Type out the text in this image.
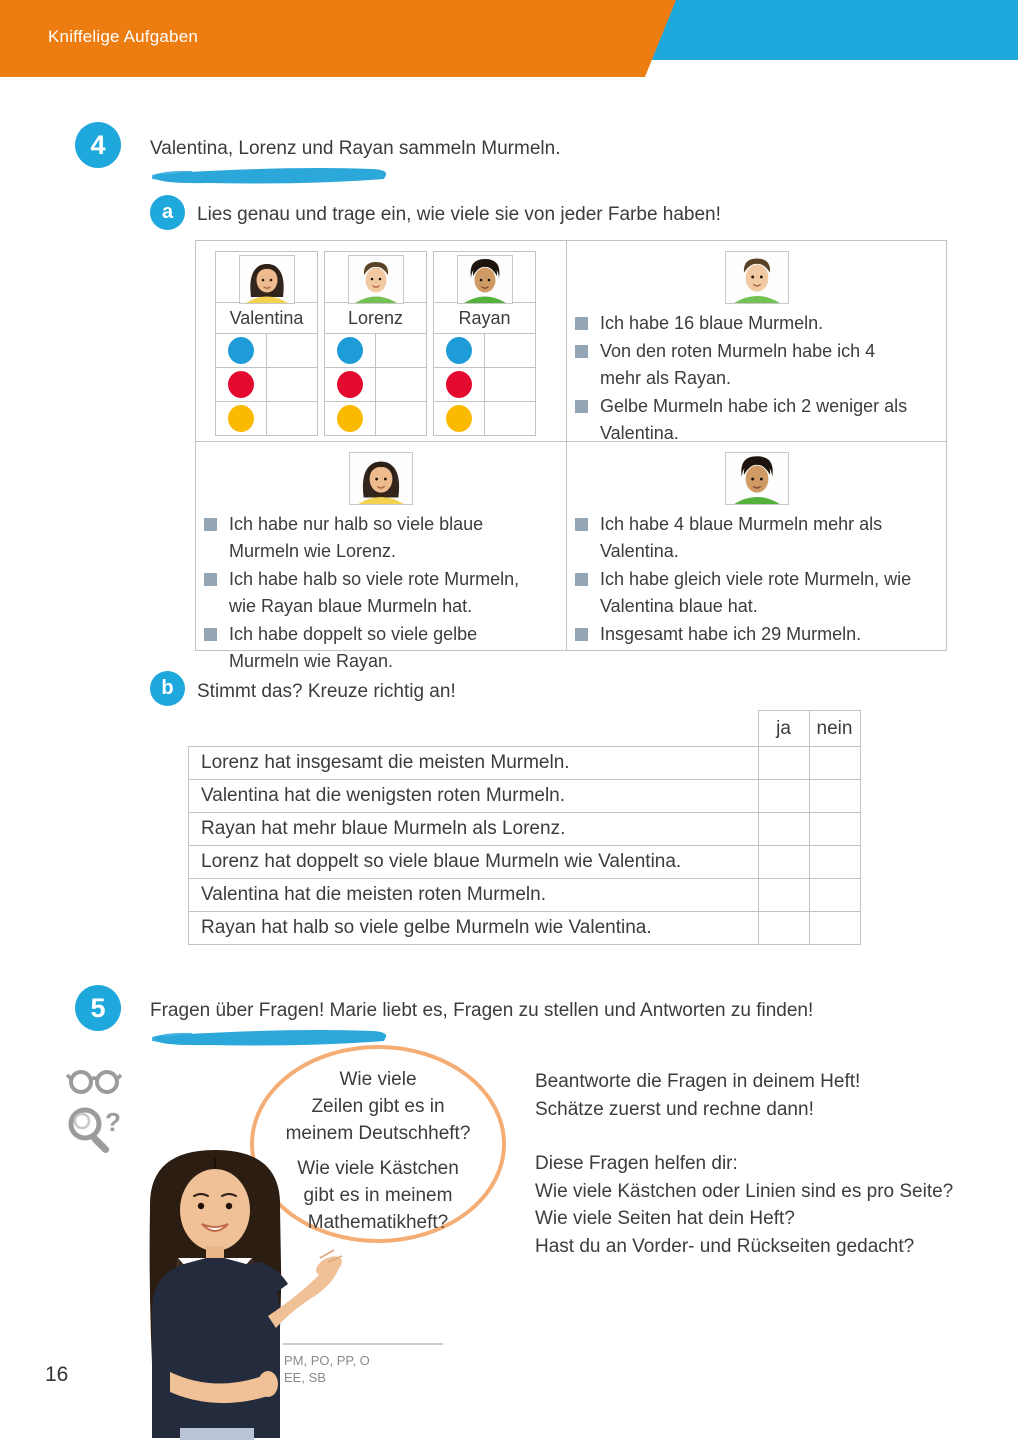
Kniffelige Aufgaben
4	Valentina, Lorenz und Rayan sammeln Murmeln.
a	Lies genau und trage ein, wie viele sie von jeder Farbe haben!
Valentina	Lorenz	Rayan	Ich habe 16 blaue Murmeln.
Von den roten Murmeln habe ich 4 mehr als Rayan.
Gelbe Murmeln habe ich 2 weniger als Valentina.
Ich habe nur halb so viele blaue Murmeln wie Lorenz.
Ich habe halb so viele rote Murmeln, wie Rayan blaue Murmeln hat.
Ich habe doppelt so viele gelbe Murmeln wie Rayan.
Ich habe 4 blaue Murmeln mehr als Valentina.
Ich habe gleich viele rote Murmeln, wie Valentina blaue hat.
Insgesamt habe ich 29 Murmeln.
b	Stimmt das? Kreuze richtig an!
	ja	nein
Lorenz hat insgesamt die meisten Murmeln.		
Valentina hat die wenigsten roten Murmeln.		
Rayan hat mehr blaue Murmeln als Lorenz.		
Lorenz hat doppelt so viele blaue Murmeln wie Valentina.		
Valentina hat die meisten roten Murmeln.		
Rayan hat halb so viele gelbe Murmeln wie Valentina.		
5	Fragen über Fragen! Marie liebt es, Fragen zu stellen und Antworten zu finden!
?
Wie viele
Zeilen gibt es in
meinem Deutschheft?
Wie viele Kästchen
gibt es in meinem
Mathematikheft?
Beantworte die Fragen in deinem Heft!
Schätze zuerst und rechne dann!
Diese Fragen helfen dir:
Wie viele Kästchen oder Linien sind es pro Seite?
Wie viele Seiten hat dein Heft?
Hast du an Vorder- und Rückseiten gedacht?
16
PM, PO, PP, O
EE, SB
